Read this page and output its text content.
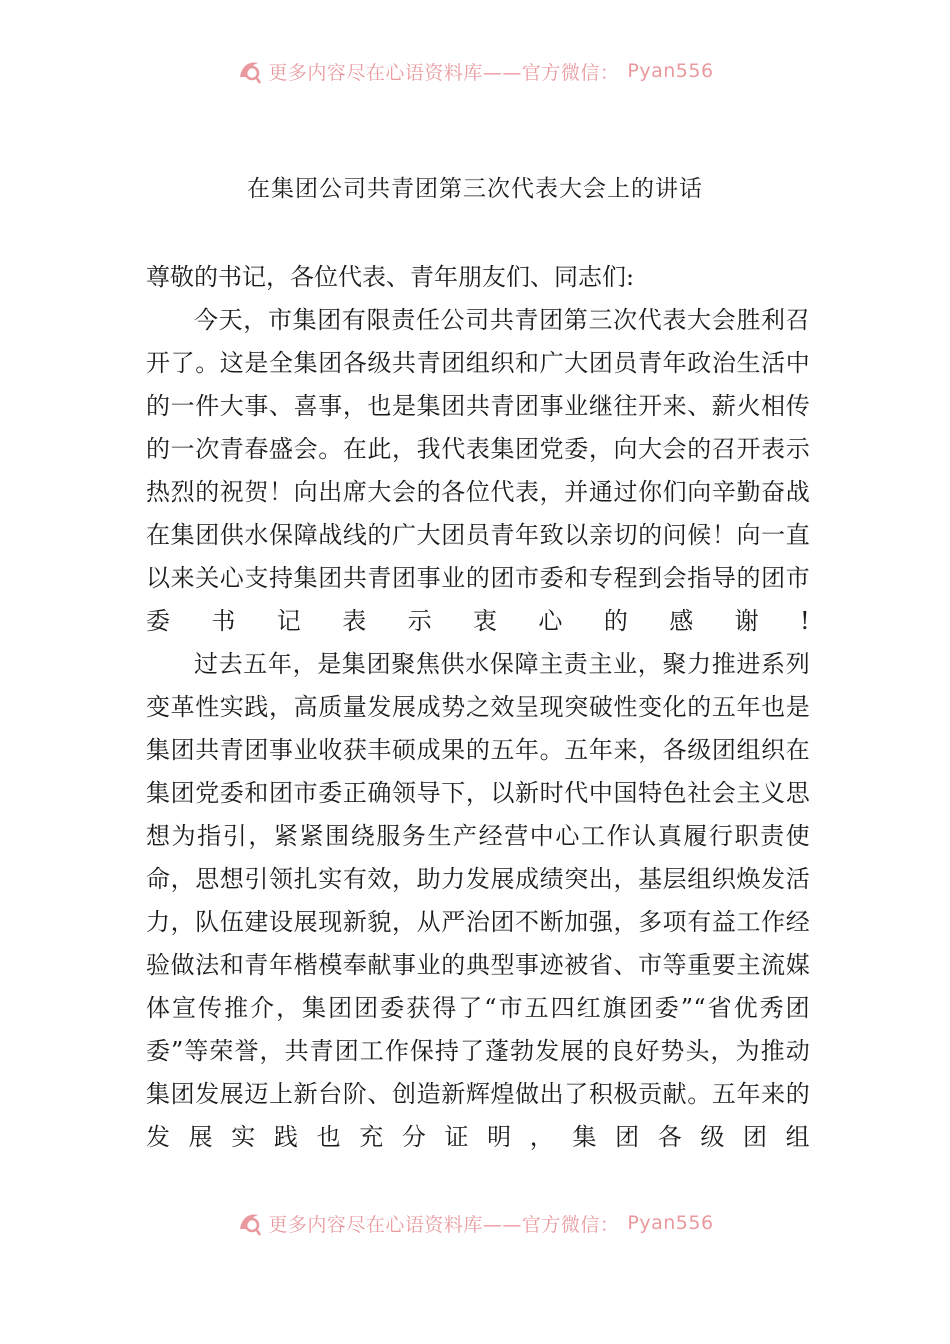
更多内容尽在心语资料库——官方微信： Pyan556
在集团公司共青团第三次代表大会上的讲话

尊敬的书记，各位代表、青年朋友们、同志们:

今天，市集团有限责任公司共青团第三次代表大会胜利召开了。这是全集团各级共青团组织和广大团员青年政治生活中的一件大事、喜事，也是集团共青团事业继往开来、薪火相传的一次青春盛会。在此，我代表集团党委，向大会的召开表示热烈的祝贺！向出席大会的各位代表，并通过你们向辛勤奋战在集团供水保障战线的广大团员青年致以亲切的问候！向一直以来关心支持集团共青团事业的团市委和专程到会指导的团市委书记表示衷心的感谢!

过去五年，是集团聚焦供水保障主责主业，聚力推进系列变革性实践，高质量发展成势之效呈现突破性变化的五年也是集团共青团事业收获丰硕成果的五年。五年来，各级团组织在集团党委和团市委正确领导下，以新时代中国特色社会主义思想为指引，紧紧围绕服务生产经营中心工作认真履行职责使命，思想引领扎实有效，助力发展成绩突出，基层组织焕发活力，队伍建设展现新貌，从严治团不断加强，多项有益工作经验做法和青年楷模奉献事业的典型事迹被省、市等重要主流媒体宣传推介，集团团委获得了“市五四红旗团委”“省优秀团委”等荣誉，共青团工作保持了蓬勃发展的良好势头，为推动集团发展迈上新台阶、创造新辉煌做出了积极贡献。五年来的发展实践也充分证明，集团各级团组

更多内容尽在心语资料库——官方微信： Pyan556
